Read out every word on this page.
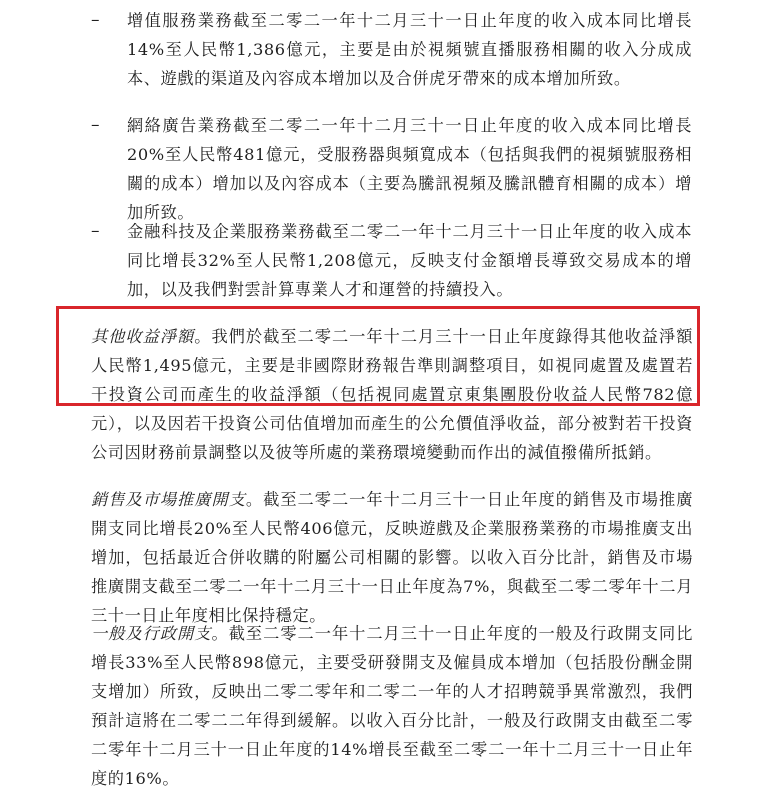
– 增值服務業務截至二零二一年十二月三十一日止年度的收入成本同比增長14%至人民幣1,386億元，主要是由於視頻號直播服務相關的收入分成成本、遊戲的渠道及內容成本增加以及合併虎牙帶來的成本增加所致。
– 網絡廣告業務截至二零二一年十二月三十一日止年度的收入成本同比增長20%至人民幣481億元，受服務器與頻寬成本（包括與我們的視頻號服務相關的成本）增加以及內容成本（主要為騰訊視頻及騰訊體育相關的成本）增加所致。
– 金融科技及企業服務業務截至二零二一年十二月三十一日止年度的收入成本同比增長32%至人民幣1,208億元，反映支付金額增長導致交易成本的增加，以及我們對雲計算專業人才和運營的持續投入。
其他收益淨額。我們於截至二零二一年十二月三十一日止年度錄得其他收益淨額人民幣1,495億元，主要是非國際財務報告準則調整項目，如視同處置及處置若干投資公司而產生的收益淨額（包括視同處置京東集團股份收益人民幣782億元），以及因若干投資公司估值增加而產生的公允價值淨收益，部分被對若干投資公司因財務前景調整以及彼等所處的業務環境變動而作出的減值撥備所抵銷。
銷售及市場推廣開支。截至二零二一年十二月三十一日止年度的銷售及市場推廣開支同比增長20%至人民幣406億元，反映遊戲及企業服務業務的市場推廣支出增加，包括最近合併收購的附屬公司相關的影響。以收入百分比計，銷售及市場推廣開支截至二零二一年十二月三十一日止年度為7%，與截至二零二零年十二月三十一日止年度相比保持穩定。
一般及行政開支。截至二零二一年十二月三十一日止年度的一般及行政開支同比增長33%至人民幣898億元，主要受研發開支及僱員成本增加（包括股份酬金開支增加）所致，反映出二零二零年和二零二一年的人才招聘競爭異常激烈，我們預計這將在二零二二年得到緩解。以收入百分比計，一般及行政開支由截至二零二零年十二月三十一日止年度的14%增長至截至二零二一年十二月三十一日止年度的16%。
